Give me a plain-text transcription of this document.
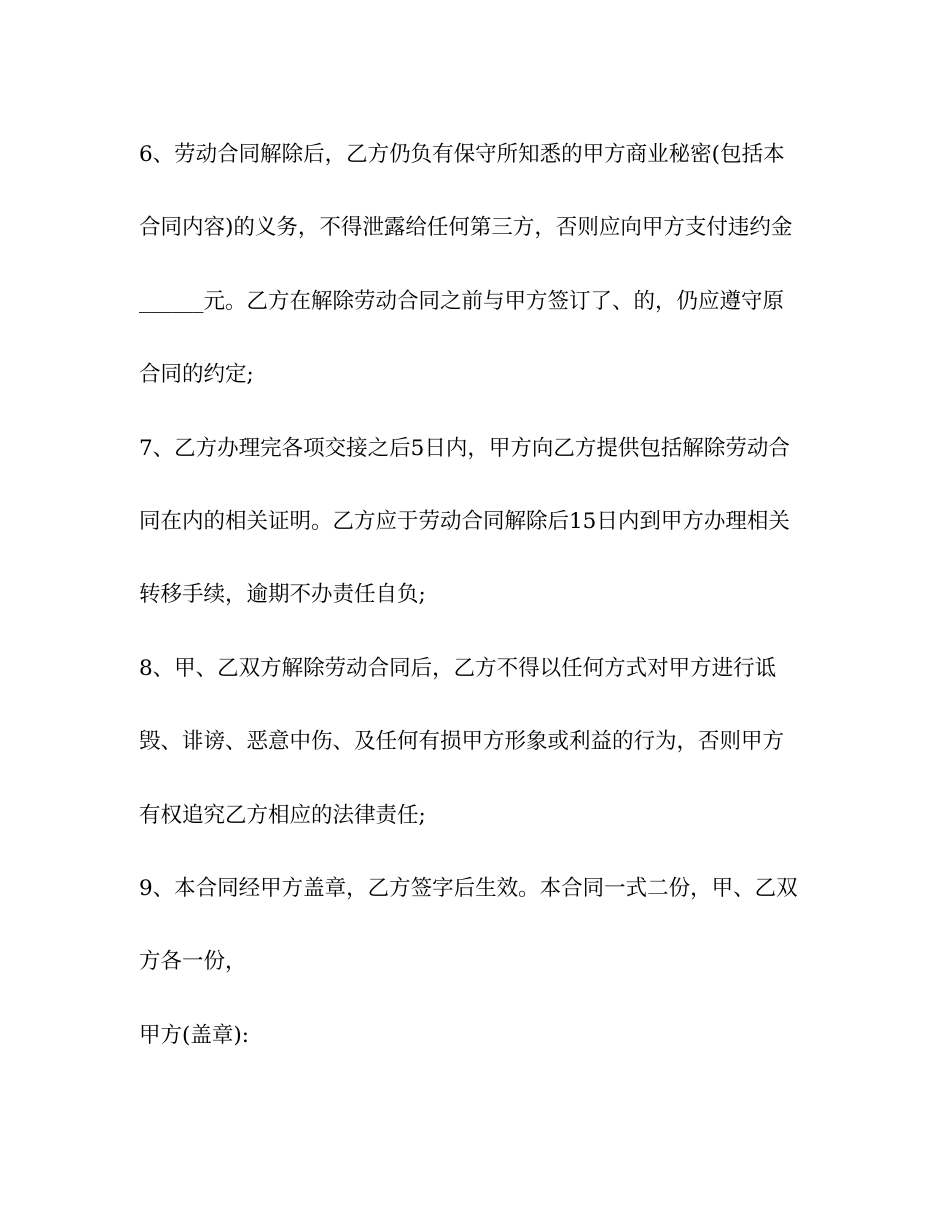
6、劳动合同解除后，乙方仍负有保守所知悉的甲方商业秘密(包括本
合同内容)的义务，不得泄露给任何第三方，否则应向甲方支付违约金
______元。乙方在解除劳动合同之前与甲方签订了、的，仍应遵守原
合同的约定;
7、乙方办理完各项交接之后5日内，甲方向乙方提供包括解除劳动合
同在内的相关证明。乙方应于劳动合同解除后15日内到甲方办理相关
转移手续，逾期不办责任自负;
8、甲、乙双方解除劳动合同后，乙方不得以任何方式对甲方进行诋
毁、诽谤、恶意中伤、及任何有损甲方形象或利益的行为，否则甲方
有权追究乙方相应的法律责任;
9、本合同经甲方盖章，乙方签字后生效。本合同一式二份，甲、乙双
方各一份，
甲方(盖章):
